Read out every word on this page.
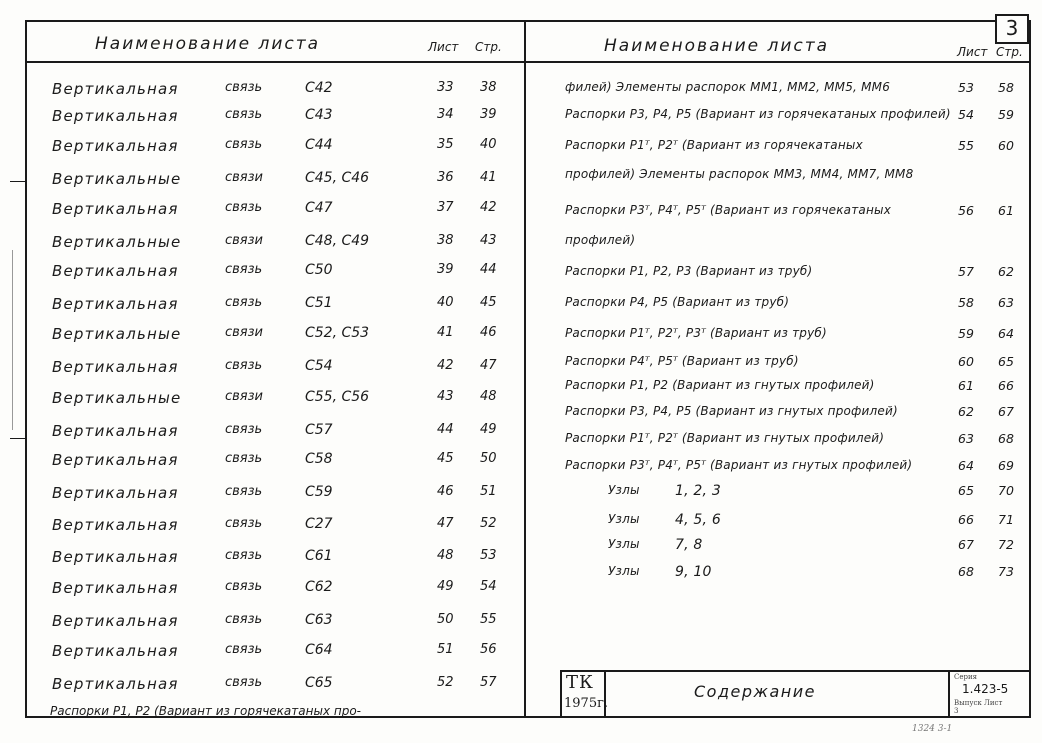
3
Наименование листа	Лист Стр.	Наименование листа	Лист Стр.
Вертикальная	связь	С42	33 38
Вертикальная	связь	С43	34 39
Вертикальная	связь	С44	35 40
Вертикальные	связи	С45, С46	36 41
Вертикальная	связь	С47	37 42
Вертикальные	связи	С48, С49	38 43
Вертикальная	связь	С50	39 44
Вертикальная	связь	С51	40 45
Вертикальные	связи	С52, С53	41 46
Вертикальная	связь	С54	42 47
Вертикальные	связи	С55, С56	43 48
Вертикальная	связь	С57	44 49
Вертикальная	связь	С58	45 50
Вертикальная	связь	С59	46 51
Вертикальная	связь	С27	47 52
Вертикальная	связь	С61	48 53
Вертикальная	связь	С62	49 54
Вертикальная	связь	С63	50 55
Вертикальная	связь	С64	51 56
Вертикальная	связь	С65	52 57
Распорки Р1, Р2 (Вариант из горячекатаных про-
филей) Элементы распорок ММ1, ММ2, ММ5, ММ6	53 58
Распорки Р3, Р4, Р5 (Вариант из горячекатаных профилей) 54 59
Распорки Р1ᵀ, Р2ᵀ (Вариант из горячекатаных	55 60
профилей) Элементы распорок ММ3, ММ4, ММ7, ММ8
Распорки Р3ᵀ, Р4ᵀ, Р5ᵀ (Вариант из горячекатаных	56 61
профилей)
Распорки Р1, Р2, Р3 (Вариант из труб)	57 62
Распорки Р4, Р5 (Вариант из труб)	58 63
Распорки Р1ᵀ, Р2ᵀ, Р3ᵀ (Вариант из труб)	59 64
Распорки Р4ᵀ, Р5ᵀ (Вариант из труб)	60 65
Распорки Р1, Р2 (Вариант из гнутых профилей)	61 66
Распорки Р3, Р4, Р5 (Вариант из гнутых профилей)	62 67
Распорки Р1ᵀ, Р2ᵀ (Вариант из гнутых профилей)	63 68
Распорки Р3ᵀ, Р4ᵀ, Р5ᵀ (Вариант из гнутых профилей)	64 69
Узлы	1, 2, 3	65 70
Узлы	4, 5, 6	66 71
Узлы	7, 8	67 72
Узлы	9, 10	68 73
ТК
1975г.
Содержание
Серия
1.423-5
Выпуск Лист
3
1324 3-1
